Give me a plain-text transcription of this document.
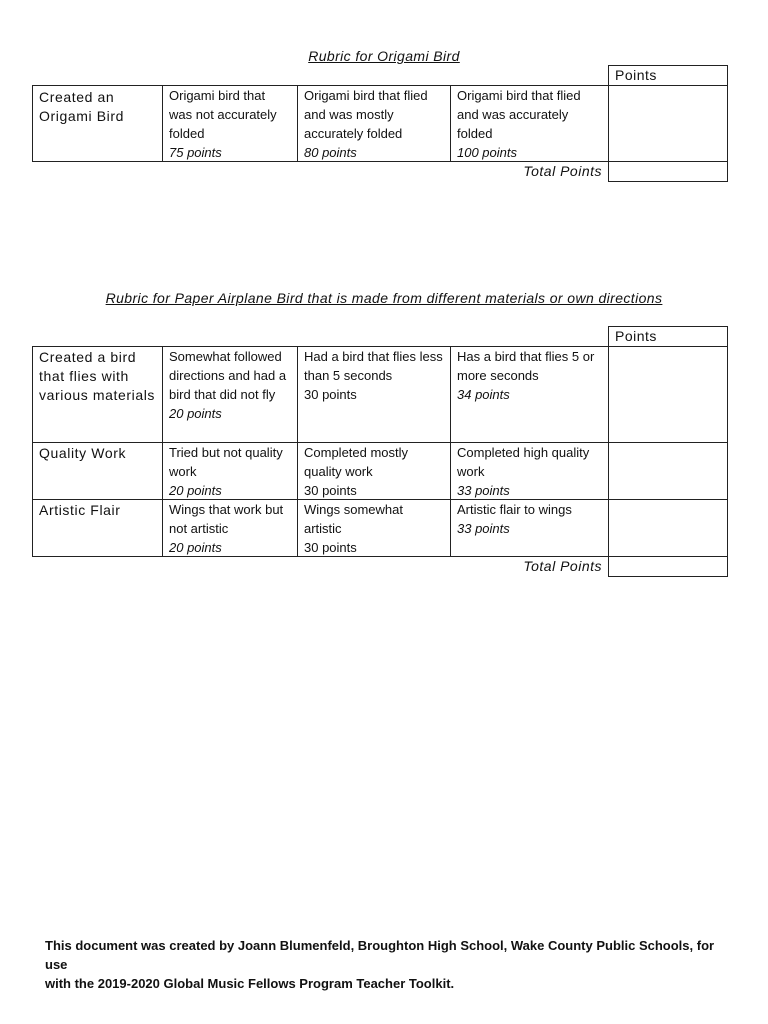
Rubric for Origami Bird
Points
Created an Origami Bird
Origami bird that was not accurately folded
75 points
Origami bird that flied and was mostly accurately folded
80 points
Origami bird that flied and was accurately folded
100 points
Total Points
Rubric for Paper Airplane Bird that is made from different materials or own directions
Points
Created a bird that flies with various materials
Somewhat followed directions and had a bird that did not fly
20 points
Had a bird that flies less than 5 seconds
30 points
Has a bird that flies 5 or more seconds
34 points
Quality Work	Tried but not quality work
20 points
Completed mostly quality work
30 points
Completed high quality work
33 points
Artistic Flair	Wings that work but not artistic
20 points
Wings somewhat artistic
30 points
Artistic flair to wings
33 points
Total Points

This document was created by Joann Blumenfeld, Broughton High School, Wake County Public Schools, for use
with the 2019-2020 Global Music Fellows Program Teacher Toolkit.
